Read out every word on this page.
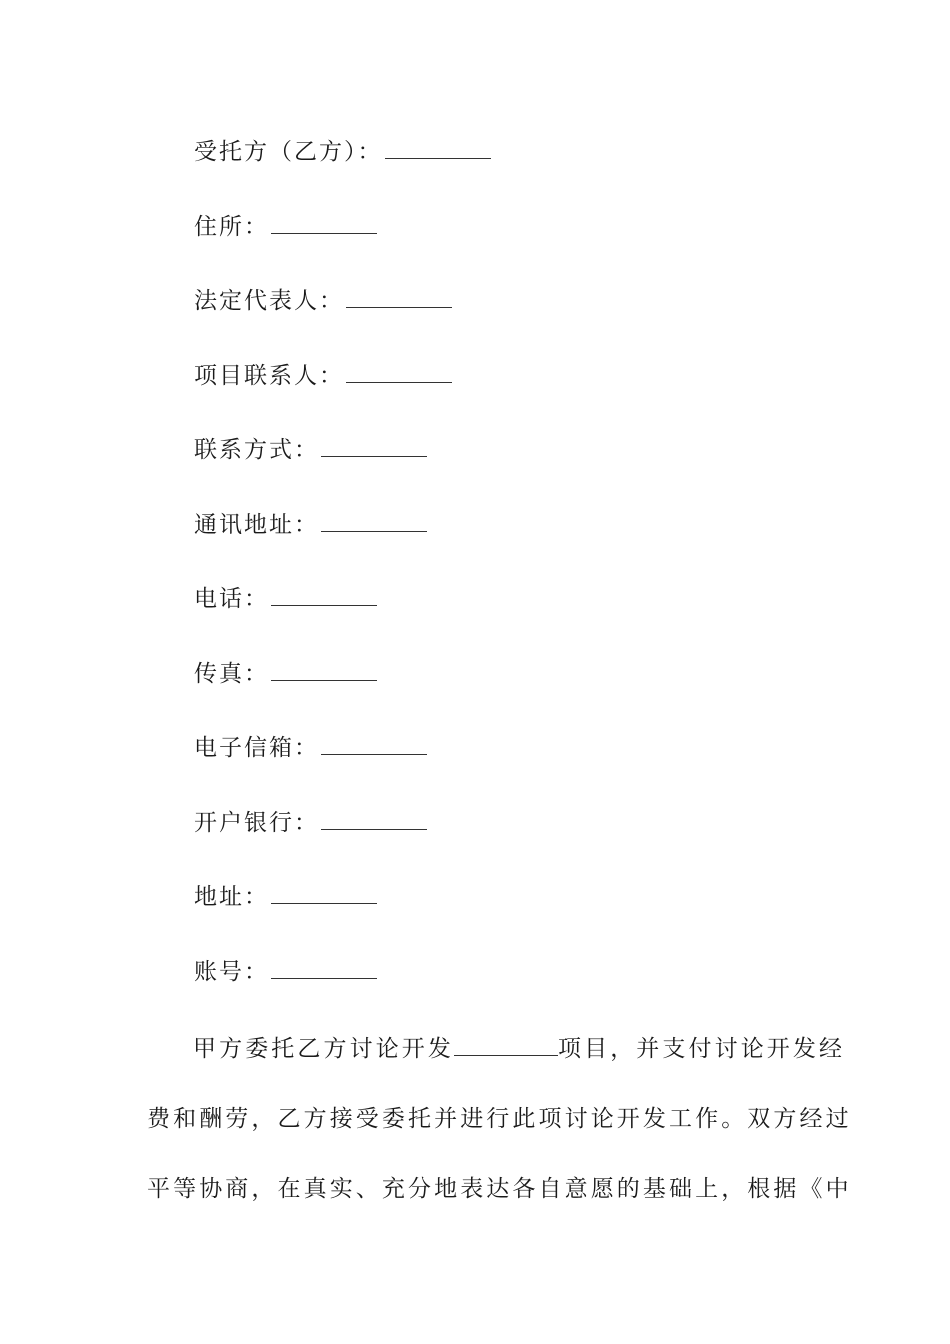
受托方（乙方）：
住所：
法定代表人：
项目联系人：
联系方式：
通讯地址：
电话：
传真：
电子信箱：
开户银行：
地址：
账号：
甲方委托乙方讨论开发	项目，并支付讨论开发经
费和酬劳，乙方接受委托并进行此项讨论开发工作。双方经过
平等协商，在真实、充分地表达各自意愿的基础上，根据《中
